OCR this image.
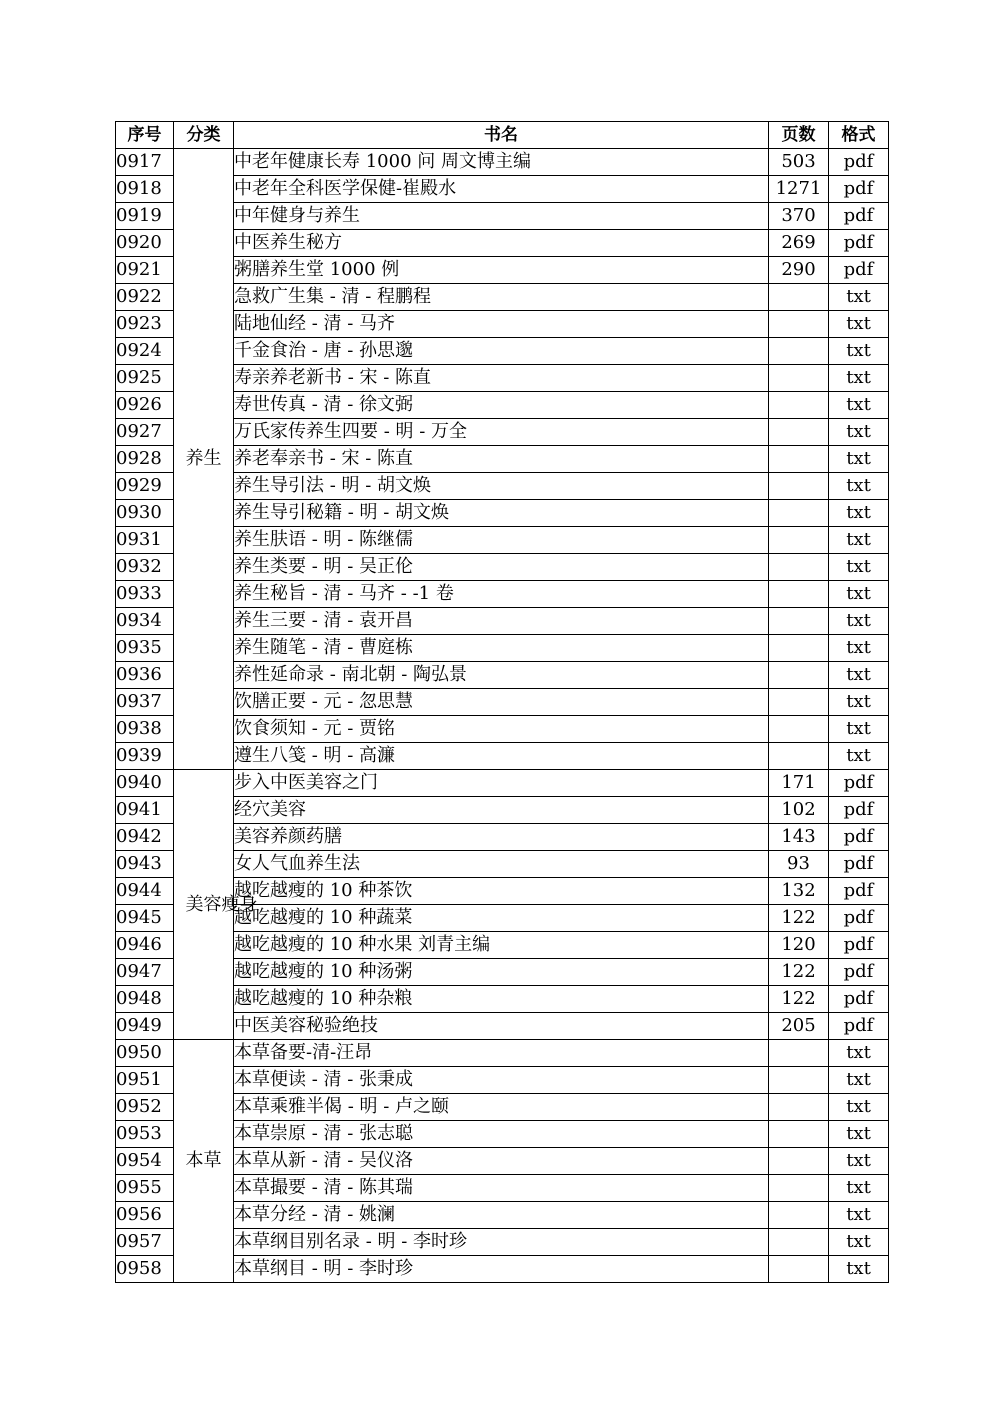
序号	分类	书名	页数	格式
0917	养生	中老年健康长寿 1000 问 周文博主编	503	pdf
0918		中老年全科医学保健-崔殿水	1271	pdf
0919		中年健身与养生	370	pdf
0920		中医养生秘方	269	pdf
0921		粥膳养生堂 1000 例	290	pdf
0922		急救广生集 - 清 - 程鹏程		txt
0923		陆地仙经 - 清 - 马齐		txt
0924		千金食治 - 唐 - 孙思邈		txt
0925		寿亲养老新书 - 宋 - 陈直		txt
0926		寿世传真 - 清 - 徐文弼		txt
0927		万氏家传养生四要 - 明 - 万全		txt
0928		养老奉亲书 - 宋 - 陈直		txt
0929		养生导引法 - 明 - 胡文焕		txt
0930		养生导引秘籍 - 明 - 胡文焕		txt
0931		养生肤语 - 明 - 陈继儒		txt
0932		养生类要 - 明 - 吴正伦		txt
0933		养生秘旨 - 清 - 马齐 - -1 卷		txt
0934		养生三要 - 清 - 袁开昌		txt
0935		养生随笔 - 清 - 曹庭栋		txt
0936		养性延命录 - 南北朝 - 陶弘景		txt
0937		饮膳正要 - 元 - 忽思慧		txt
0938		饮食须知 - 元 - 贾铭		txt
0939		遵生八笺 - 明 - 高濂		txt
0940	美容瘦身	步入中医美容之门	171	pdf
0941		经穴美容	102	pdf
0942		美容养颜药膳	143	pdf
0943		女人气血养生法	93	pdf
0944		越吃越瘦的 10 种茶饮	132	pdf
0945		越吃越瘦的 10 种蔬菜	122	pdf
0946		越吃越瘦的 10 种水果 刘青主编	120	pdf
0947		越吃越瘦的 10 种汤粥	122	pdf
0948		越吃越瘦的 10 种杂粮	122	pdf
0949		中医美容秘验绝技	205	pdf
0950	本草	本草备要-清-汪昂		txt
0951		本草便读 - 清 - 张秉成		txt
0952		本草乘雅半偈 - 明 - 卢之颐		txt
0953		本草崇原 - 清 - 张志聪		txt
0954		本草从新 - 清 - 吴仪洛		txt
0955		本草撮要 - 清 - 陈其瑞		txt
0956		本草分经 - 清 - 姚澜		txt
0957		本草纲目别名录 - 明 - 李时珍		txt
0958		本草纲目 - 明 - 李时珍		txt
